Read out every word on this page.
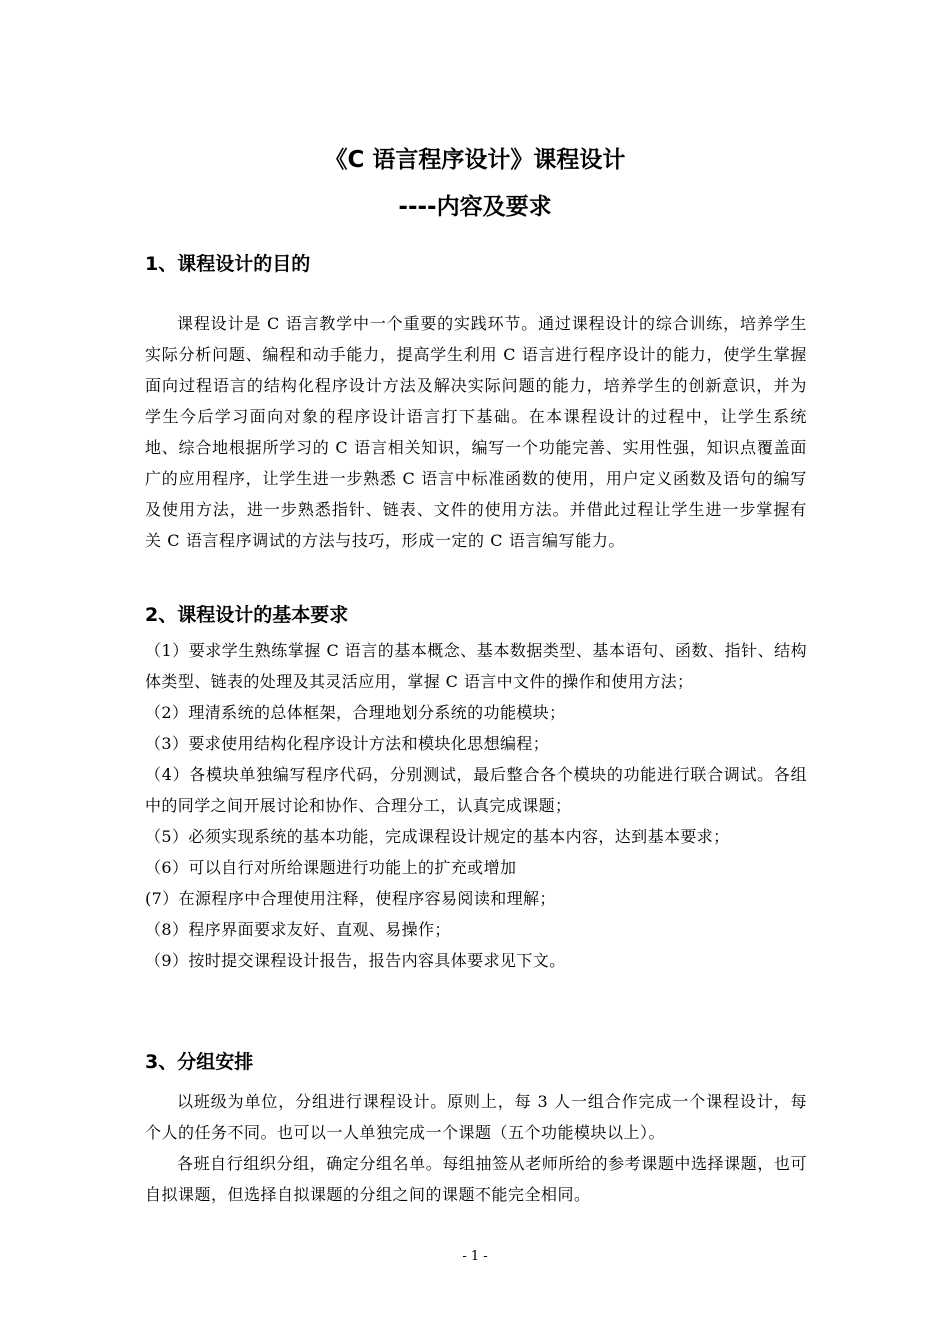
《C 语言程序设计》课程设计
----内容及要求
1、课程设计的目的

课程设计是 C 语言教学中一个重要的实践环节。通过课程设计的综合训练，培养学生实际分析问题、编程和动手能力，提高学生利用 C 语言进行程序设计的能力，使学生掌握面向过程语言的结构化程序设计方法及解决实际问题的能力，培养学生的创新意识，并为学生今后学习面向对象的程序设计语言打下基础。在本课程设计的过程中，让学生系统地、综合地根据所学习的 C 语言相关知识，编写一个功能完善、实用性强，知识点覆盖面广的应用程序，让学生进一步熟悉 C 语言中标准函数的使用，用户定义函数及语句的编写及使用方法，进一步熟悉指针、链表、文件的使用方法。并借此过程让学生进一步掌握有关 C 语言程序调试的方法与技巧，形成一定的 C 语言编写能力。

2、课程设计的基本要求
（1）要求学生熟练掌握 C 语言的基本概念、基本数据类型、基本语句、函数、指针、结构体类型、链表的处理及其灵活应用，掌握 C 语言中文件的操作和使用方法；
（2）理清系统的总体框架，合理地划分系统的功能模块；
（3）要求使用结构化程序设计方法和模块化思想编程；
（4）各模块单独编写程序代码，分别测试，最后整合各个模块的功能进行联合调试。各组中的同学之间开展讨论和协作、合理分工，认真完成课题；
（5）必须实现系统的基本功能，完成课程设计规定的基本内容，达到基本要求；
（6）可以自行对所给课题进行功能上的扩充或增加
(7）在源程序中合理使用注释，使程序容易阅读和理解；
（8）程序界面要求友好、直观、易操作；
（9）按时提交课程设计报告，报告内容具体要求见下文。
3、分组安排

以班级为单位，分组进行课程设计。原则上，每 3 人一组合作完成一个课程设计，每个人的任务不同。也可以一人单独完成一个课题（五个功能模块以上）。

各班自行组织分组，确定分组名单。每组抽签从老师所给的参考课题中选择课题，也可自拟课题，但选择自拟课题的分组之间的课题不能完全相同。

- 1 -
